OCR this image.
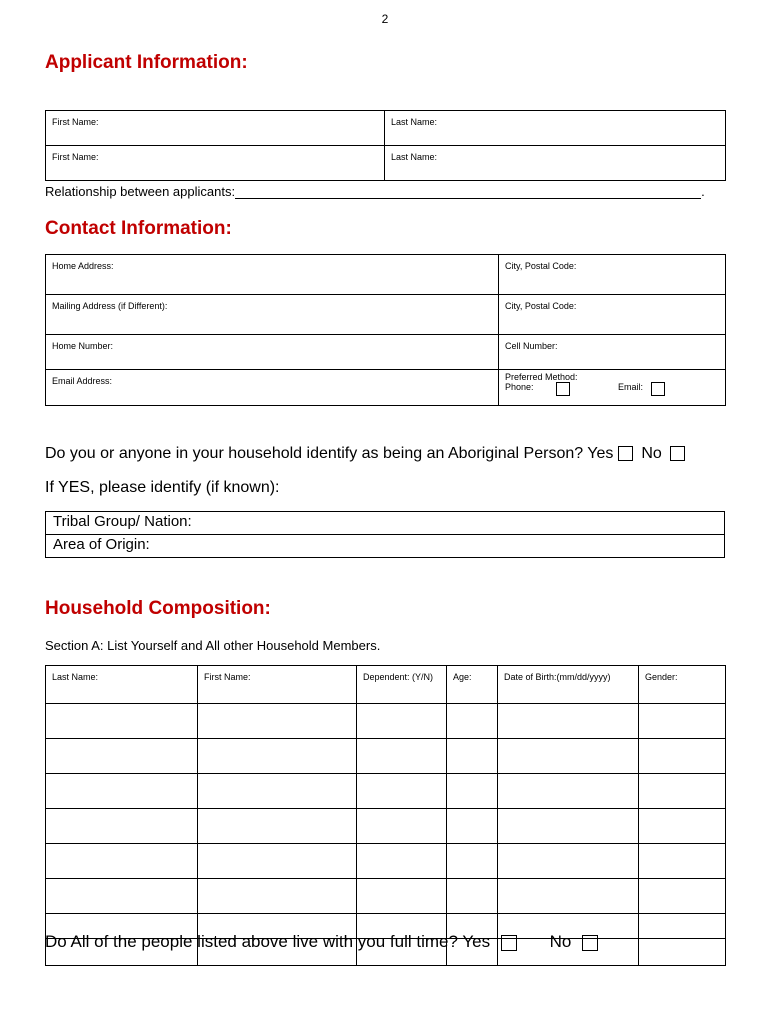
2
Applicant Information:
First Name:	Last Name:
First Name:	Last Name:
Relationship between applicants:	.
Contact Information:
Home Address:	City, Postal Code:
Mailing Address (if Different):	City, Postal Code:
Home Number:	Cell Number:
Email Address:	Preferred Method:
Phone: Email:
Do you or anyone in your household identify as being an Aboriginal Person? Yes No
If YES, please identify (if known):
Tribal Group/ Nation:
Area of Origin:
Household Composition:
Section A: List Yourself and All other Household Members.
Last Name:	First Name:	Dependent: (Y/N)	Age:	Date of Birth:(mm/dd/yyyy)	Gender:

Do All of the people listed above live with you full time? Yes	No
